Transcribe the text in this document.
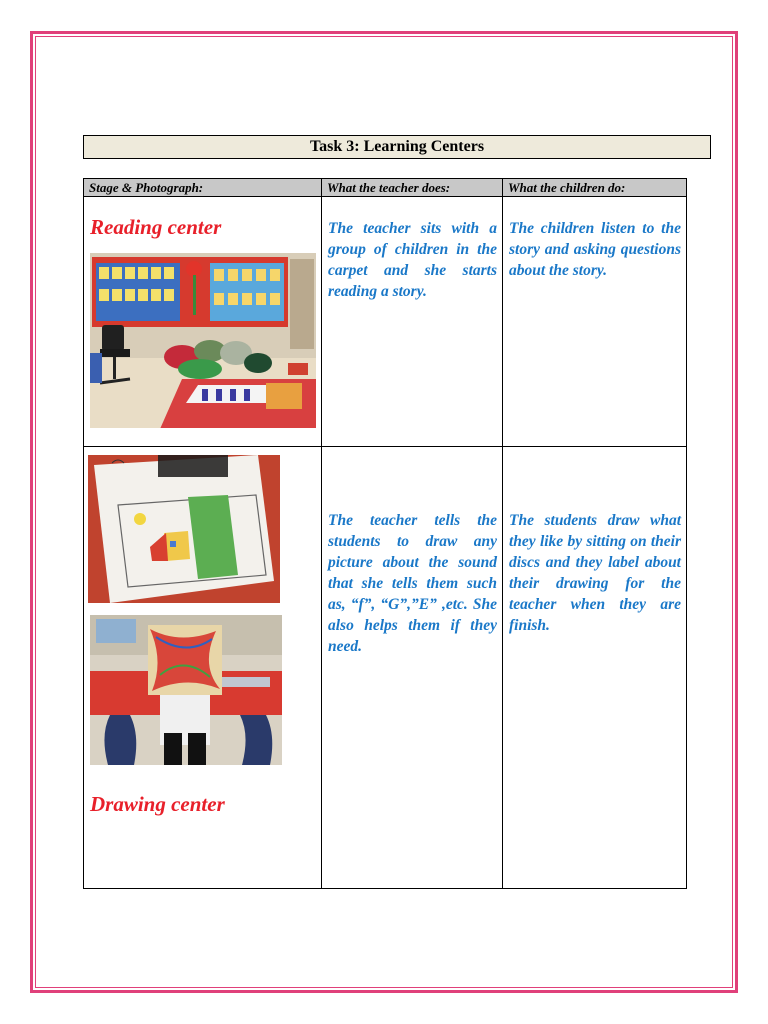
Task 3: Learning Centers
Stage & Photograph:	What the teacher does:	What the children do:

Reading center	The teacher sits with a group of children in the carpet and she starts reading a story.	The children listen to the story and asking questions about the story.

Drawing center	The teacher tells the students to draw any picture about the sound that she tells them such as, “f”, “G”,”E” ,etc. She also helps them if they need.	The students draw what they like by sitting on their discs and they label about their drawing for the teacher when they are finish.
